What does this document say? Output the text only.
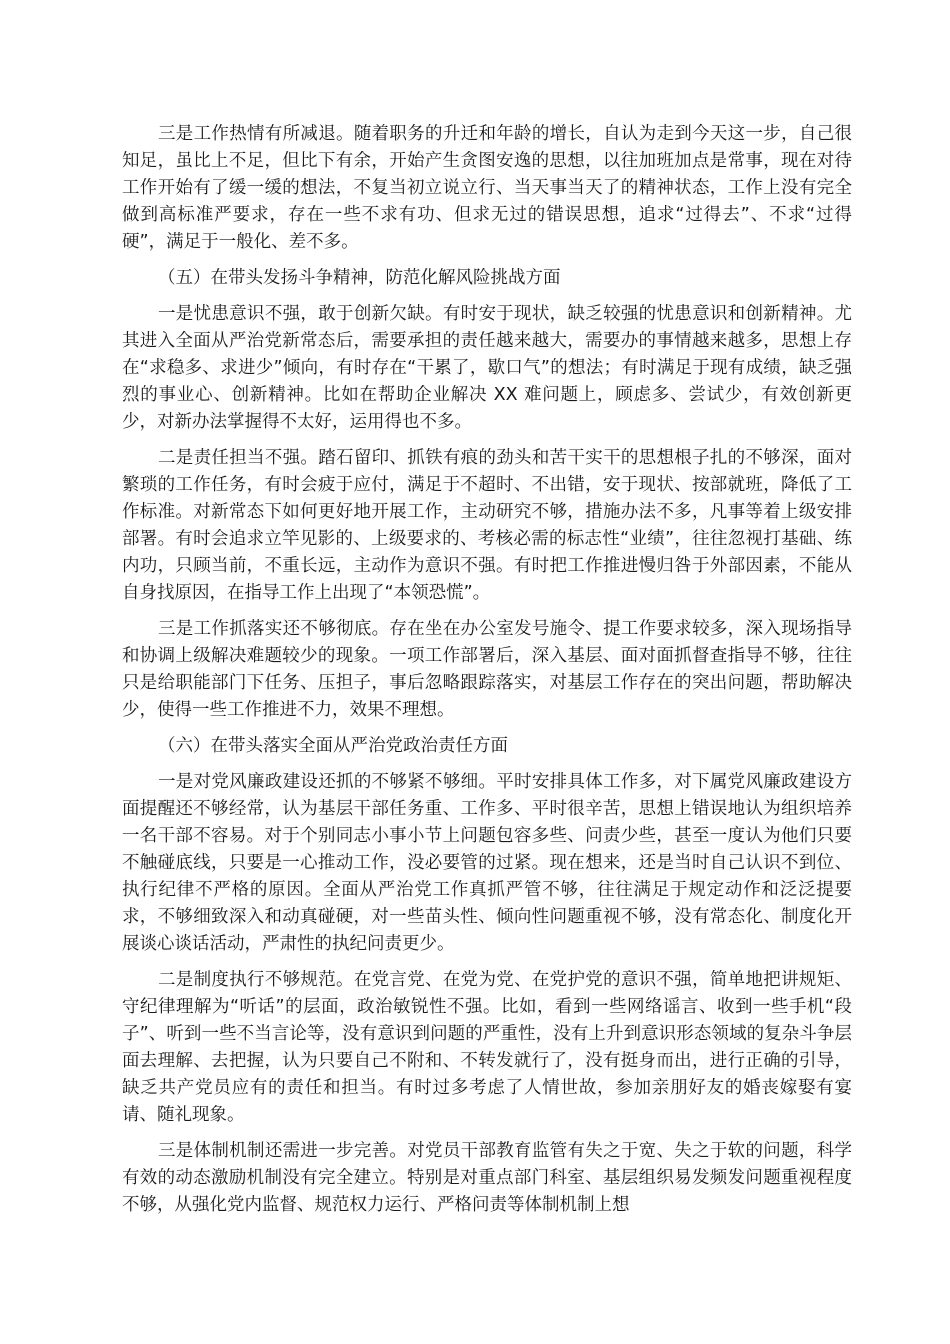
三是工作热情有所减退。随着职务的升迁和年龄的增长，自认为走到今天这一步，自己很知足，虽比上不足，但比下有余，开始产生贪图安逸的思想，以往加班加点是常事，现在对待工作开始有了缓一缓的想法，不复当初立说立行、当天事当天了的精神状态，工作上没有完全做到高标准严要求，存在一些不求有功、但求无过的错误思想，追求“过得去”、不求“过得硬”，满足于一般化、差不多。

（五）在带头发扬斗争精神，防范化解风险挑战方面

一是忧患意识不强，敢于创新欠缺。有时安于现状，缺乏较强的忧患意识和创新精神。尤其进入全面从严治党新常态后，需要承担的责任越来越大，需要办的事情越来越多，思想上存在“求稳多、求进少”倾向，有时存在“干累了，歇口气”的想法；有时满足于现有成绩，缺乏强烈的事业心、创新精神。比如在帮助企业解决 XX 难问题上，顾虑多、尝试少，有效创新更少，对新办法掌握得不太好，运用得也不多。

二是责任担当不强。踏石留印、抓铁有痕的劲头和苦干实干的思想根子扎的不够深，面对繁琐的工作任务，有时会疲于应付，满足于不超时、不出错，安于现状、按部就班，降低了工作标准。对新常态下如何更好地开展工作，主动研究不够，措施办法不多，凡事等着上级安排部署。有时会追求立竿见影的、上级要求的、考核必需的标志性“业绩”，往往忽视打基础、练内功，只顾当前，不重长远，主动作为意识不强。有时把工作推进慢归咎于外部因素，不能从自身找原因，在指导工作上出现了“本领恐慌”。

三是工作抓落实还不够彻底。存在坐在办公室发号施令、提工作要求较多，深入现场指导和协调上级解决难题较少的现象。一项工作部署后，深入基层、面对面抓督查指导不够，往往只是给职能部门下任务、压担子，事后忽略跟踪落实，对基层工作存在的突出问题，帮助解决少，使得一些工作推进不力，效果不理想。

（六）在带头落实全面从严治党政治责任方面

一是对党风廉政建设还抓的不够紧不够细。平时安排具体工作多，对下属党风廉政建设方面提醒还不够经常，认为基层干部任务重、工作多、平时很辛苦，思想上错误地认为组织培养一名干部不容易。对于个别同志小事小节上问题包容多些、问责少些，甚至一度认为他们只要不触碰底线，只要是一心推动工作，没必要管的过紧。现在想来，还是当时自己认识不到位、执行纪律不严格的原因。全面从严治党工作真抓严管不够，往往满足于规定动作和泛泛提要求，不够细致深入和动真碰硬，对一些苗头性、倾向性问题重视不够，没有常态化、制度化开展谈心谈话活动，严肃性的执纪问责更少。

二是制度执行不够规范。在党言党、在党为党、在党护党的意识不强，简单地把讲规矩、守纪律理解为“听话”的层面，政治敏锐性不强。比如，看到一些网络谣言、收到一些手机“段子”、听到一些不当言论等，没有意识到问题的严重性，没有上升到意识形态领域的复杂斗争层面去理解、去把握，认为只要自己不附和、不转发就行了，没有挺身而出，进行正确的引导，缺乏共产党员应有的责任和担当。有时过多考虑了人情世故，参加亲朋好友的婚丧嫁娶有宴请、随礼现象。

三是体制机制还需进一步完善。对党员干部教育监管有失之于宽、失之于软的问题，科学有效的动态激励机制没有完全建立。特别是对重点部门科室、基层组织易发频发问题重视程度不够，从强化党内监督、规范权力运行、严格问责等体制机制上想
